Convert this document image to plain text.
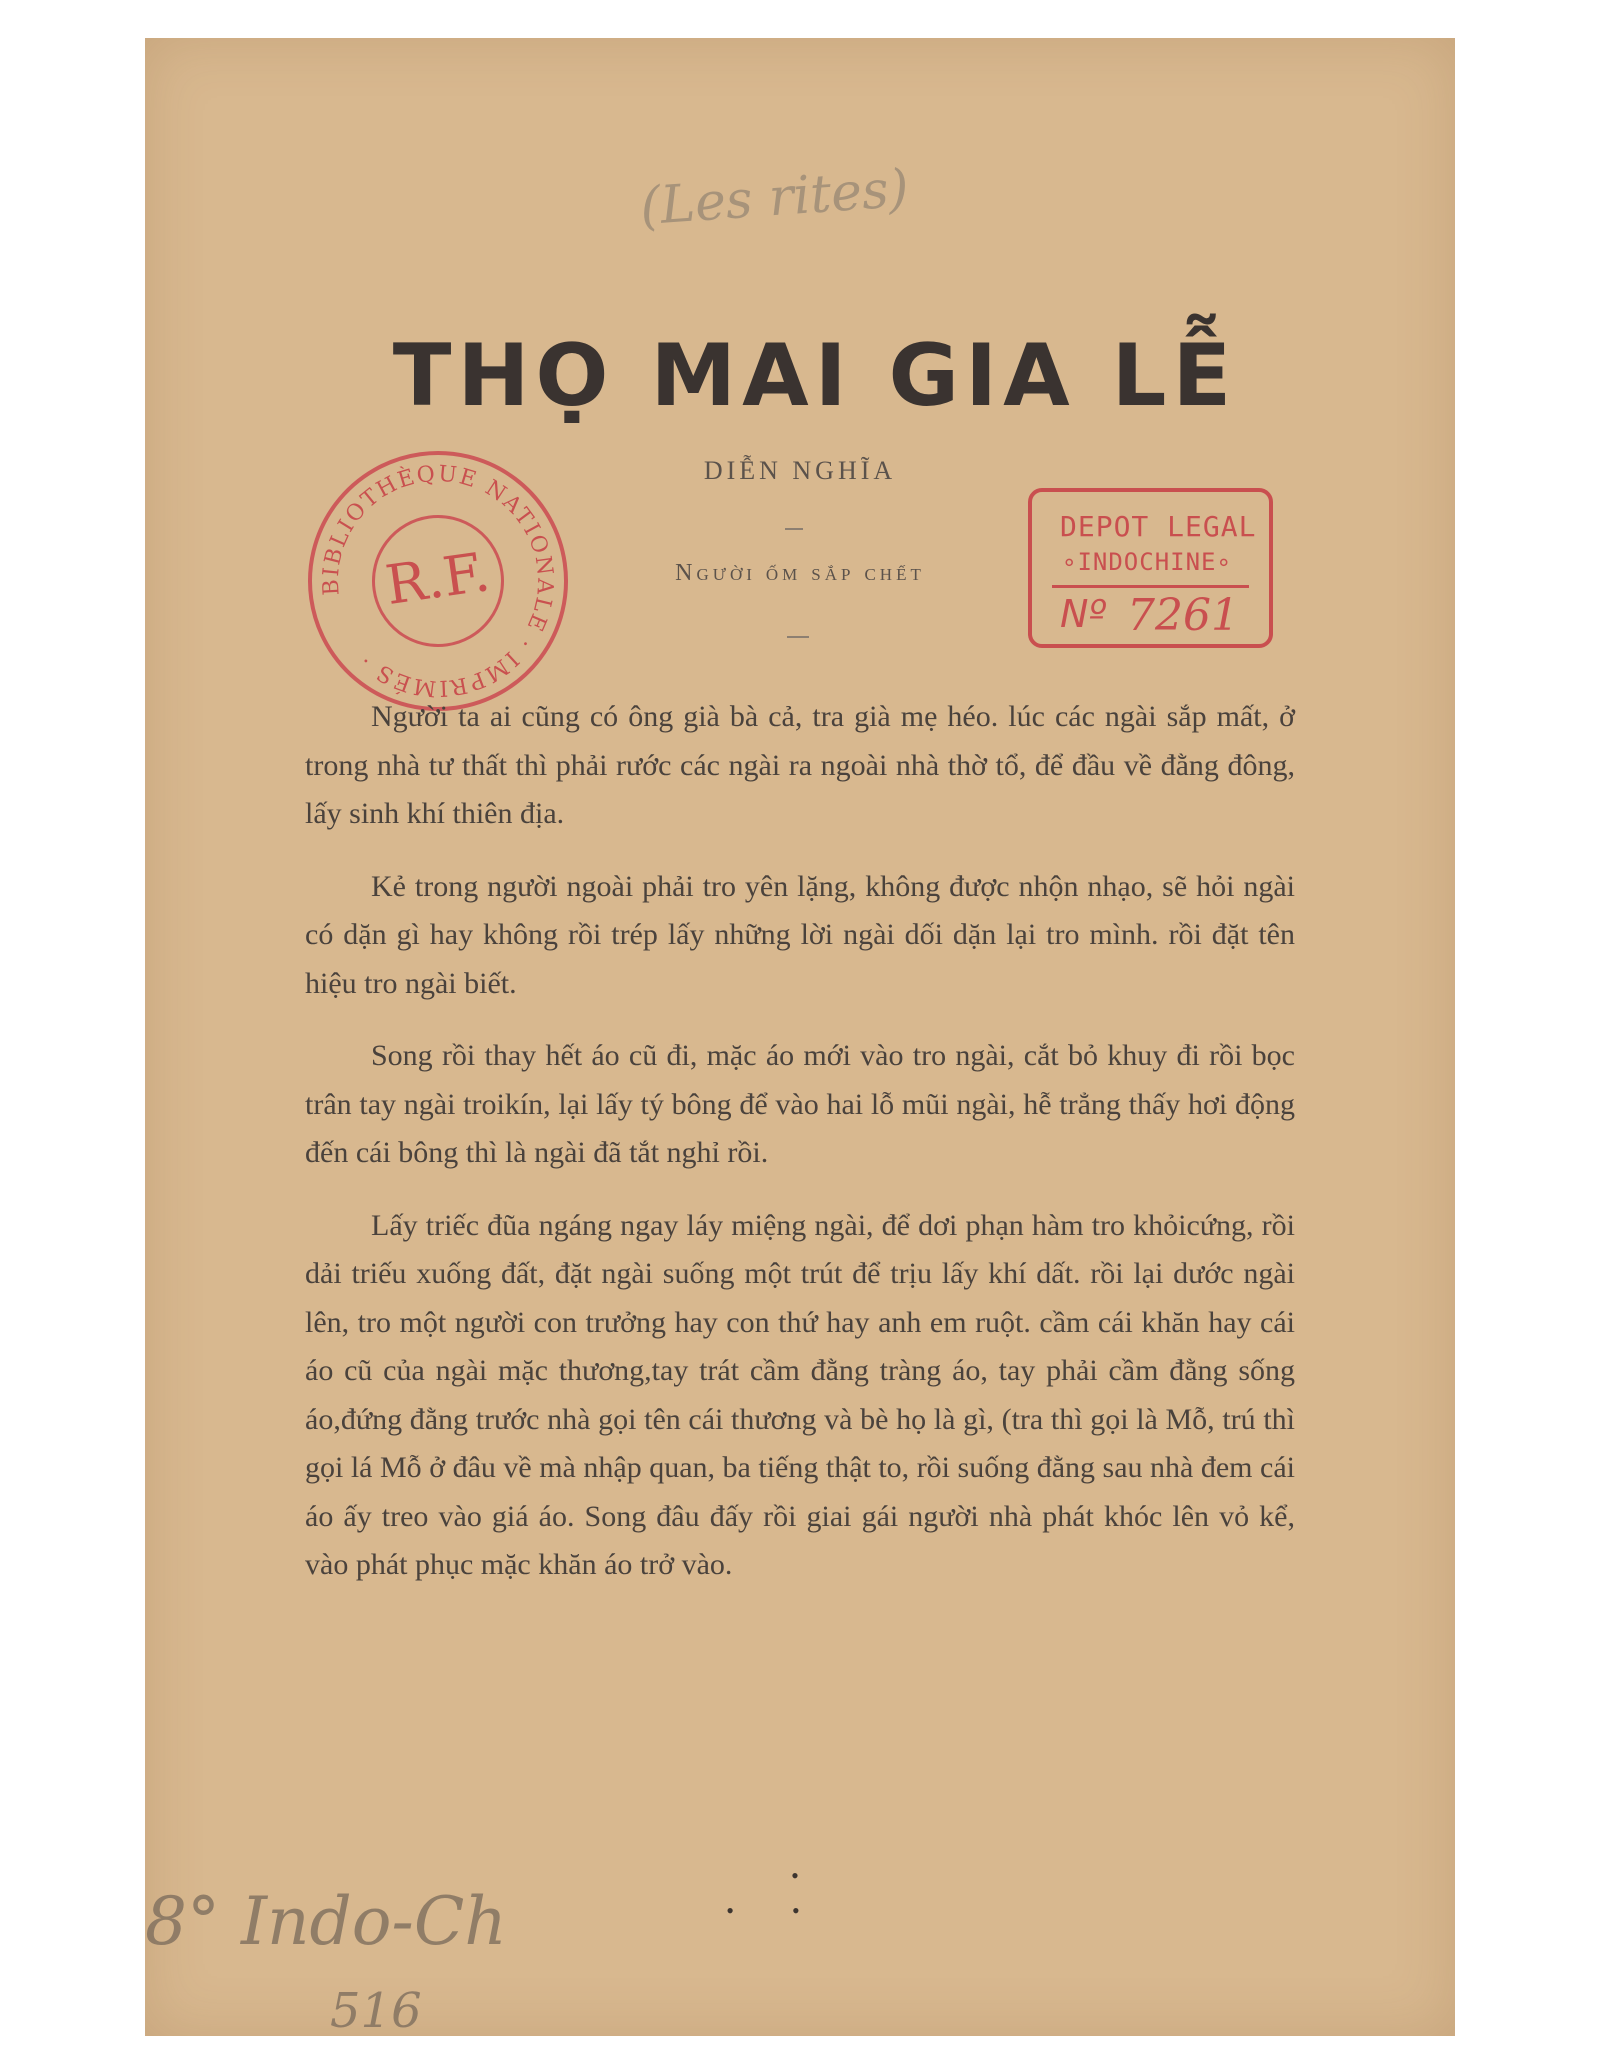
(Les rites)
THỌ MAI GIA LỄ
DIỄN NGHĨA
Người ốm sắp chết
BIBLIOTHÈQUE NATIONALE · IMPRIMÉS ·
R.F.
DEPOT LEGAL
∘INDOCHINE∘
Nº 7261

Người ta ai cũng có ông già bà cả, tra già mẹ héo. lúc các ngài sắp mất, ở trong nhà tư thất thì phải rước các ngài ra ngoài nhà thờ tổ, để đầu về đằng đông, lấy sinh khí thiên địa.

Kẻ trong người ngoài phải tro yên lặng, không được nhộn nhạo, sẽ hỏi ngài có dặn gì hay không rồi trép lấy những lời ngài dối dặn lại tro mình. rồi đặt tên hiệu tro ngài biết.

Song rồi thay hết áo cũ đi, mặc áo mới vào tro ngài, cắt bỏ khuy đi rồi bọc trân tay ngài troikín, lại lấy tý bông để vào hai lỗ mũi ngài, hễ trẳng thấy hơi động đến cái bông thì là ngài đã tắt nghỉ rồi.

Lấy triếc đũa ngáng ngay láy miệng ngài, để dơi phạn hàm tro khỏicứng, rồi dải triếu xuống đất, đặt ngài suống một trút để trịu lấy khí dất. rồi lại dước ngài lên, tro một người con trưởng hay con thứ hay anh em ruột. cầm cái khăn hay cái áo cũ của ngài mặc thương,tay trát cầm đằng tràng áo, tay phải cầm đằng sống áo,đứng đằng trước nhà gọi tên cái thương và bè họ là gì, (tra thì gọi là Mỗ, trú thì gọi lá Mỗ ở đâu về mà nhập quan, ba tiếng thật to, rồi suống đằng sau nhà đem cái áo ấy treo vào giá áo. Song đâu đấy rồi giai gái người nhà phát khóc lên vỏ kể, vào phát phục mặc khăn áo trở vào.

•
••
8° Indo-Ch
516
